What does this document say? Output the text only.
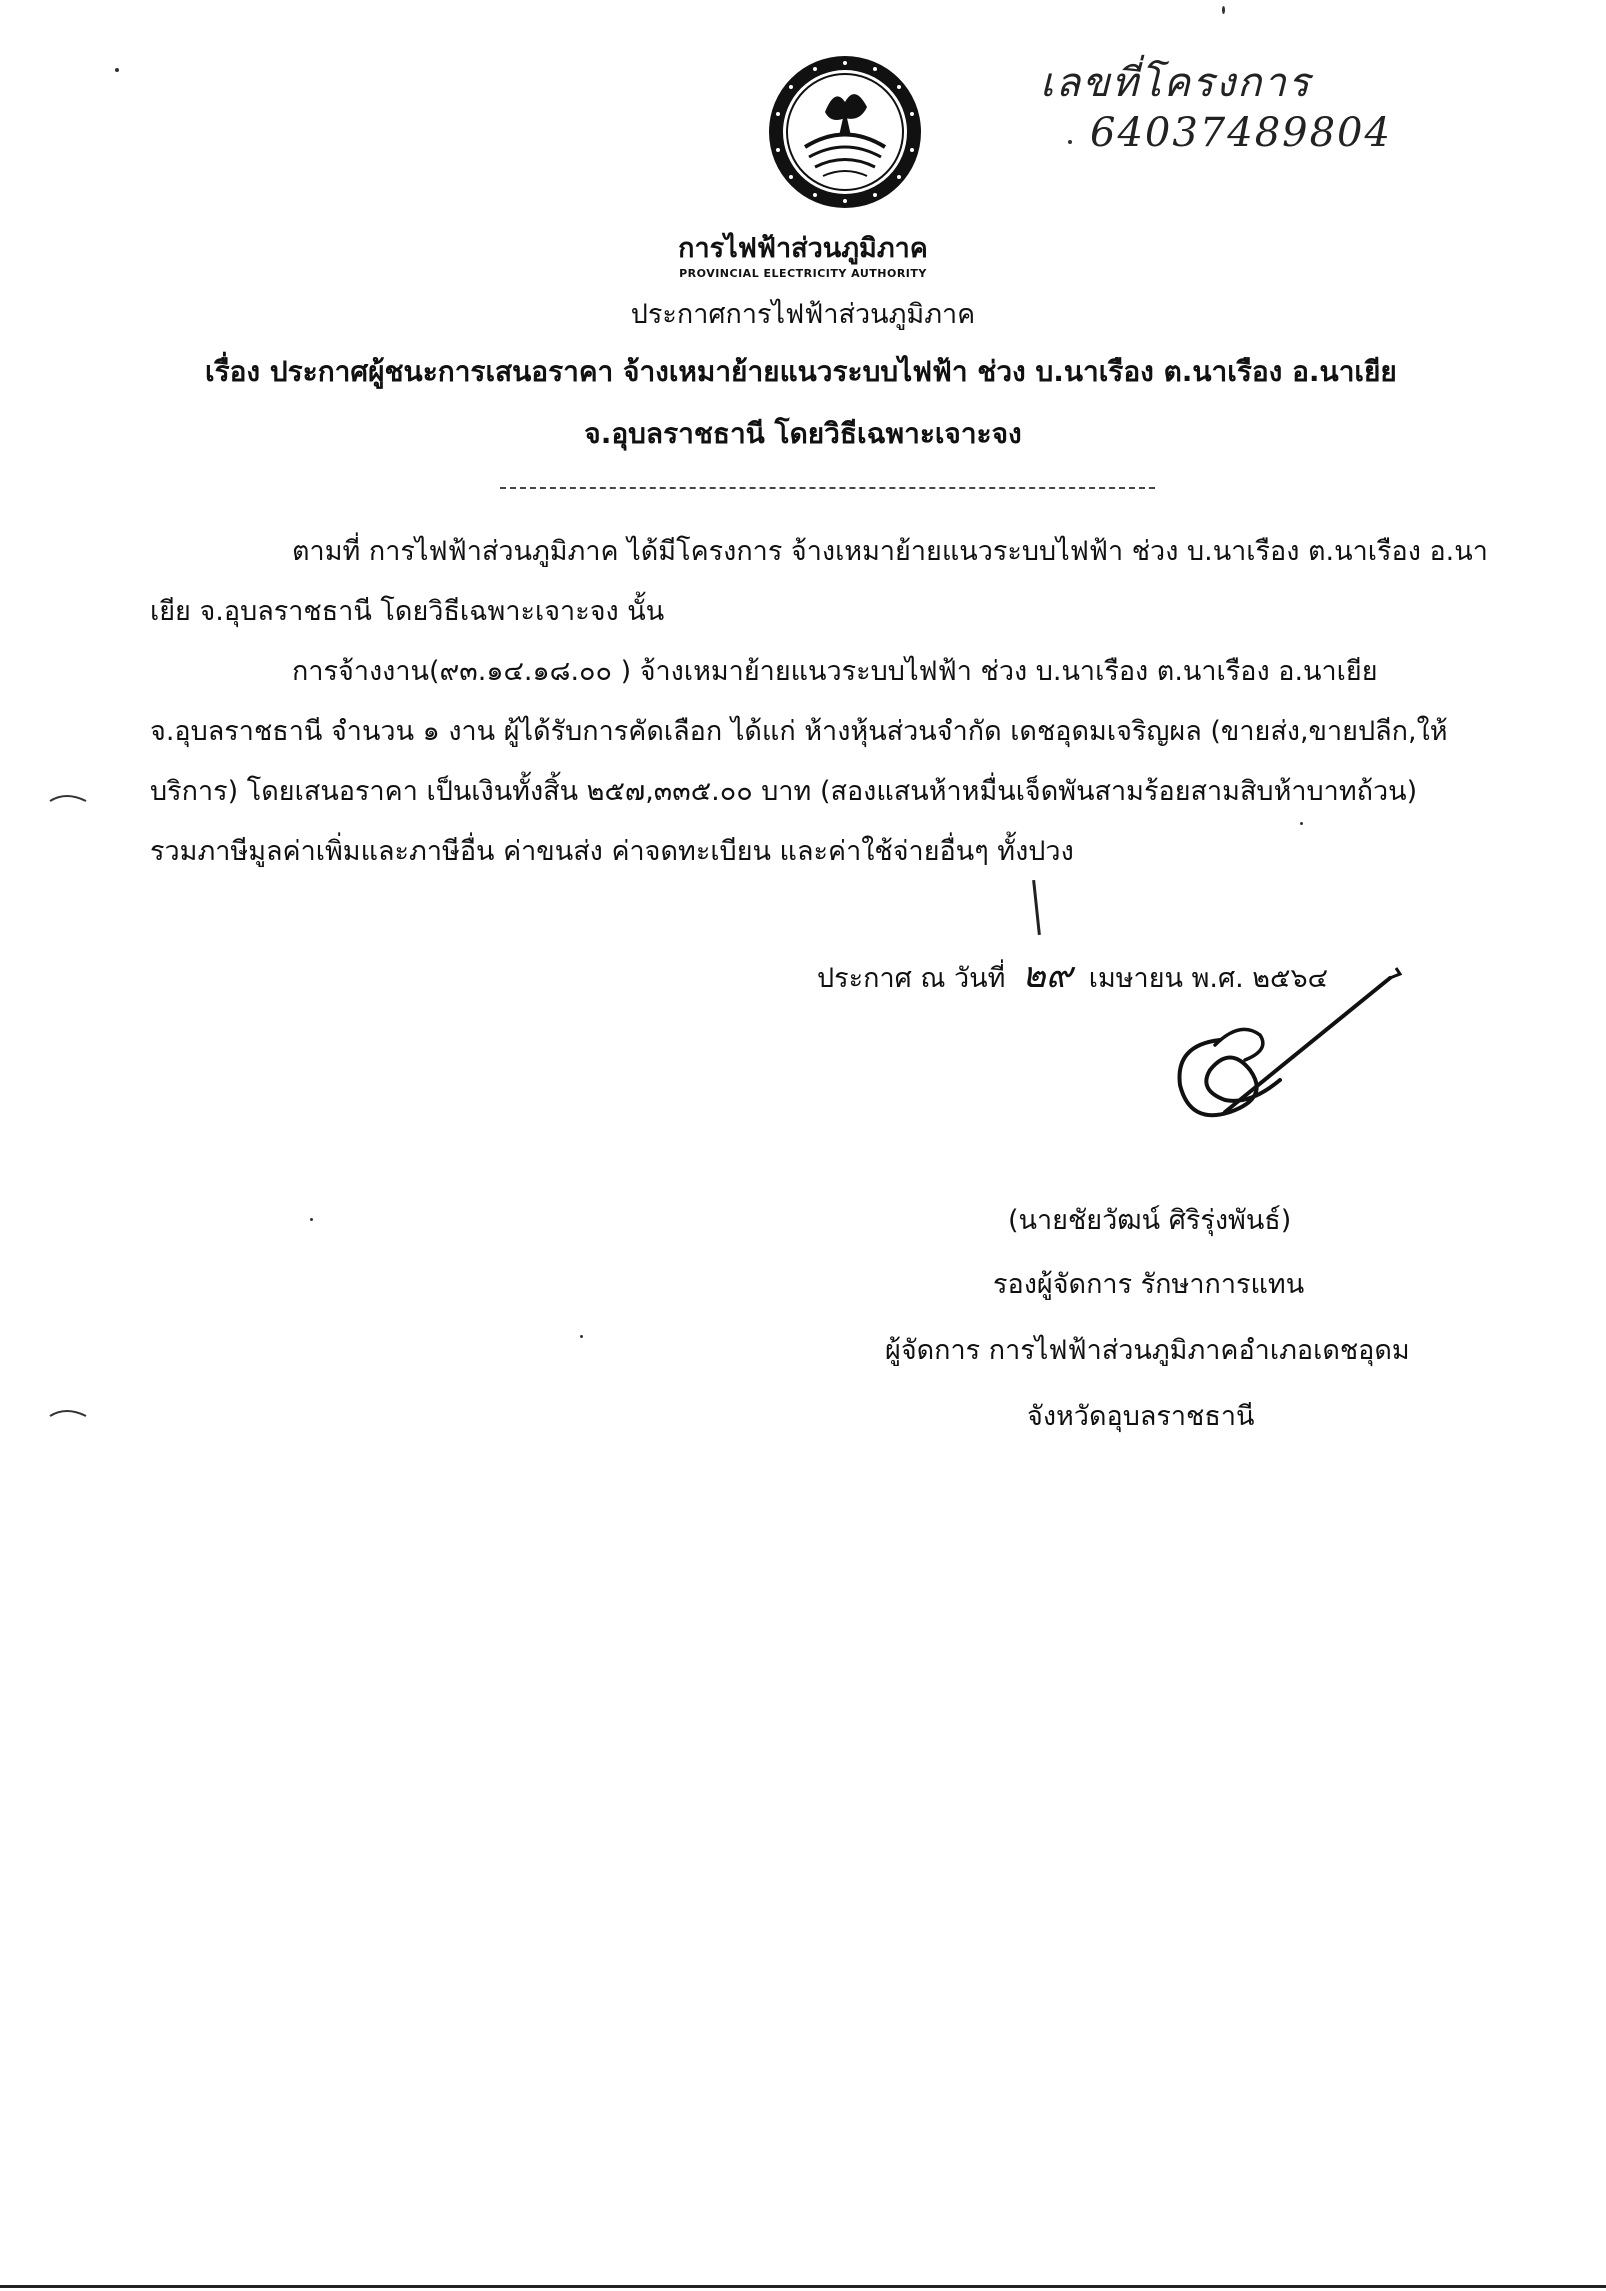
เลขที่โครงการ
64037489804
การไฟฟ้าส่วนภูมิภาค
PROVINCIAL ELECTRICITY AUTHORITY
ประกาศการไฟฟ้าส่วนภูมิภาค
เรื่อง ประกาศผู้ชนะการเสนอราคา จ้างเหมาย้ายแนวระบบไฟฟ้า ช่วง บ.นาเรือง ต.นาเรือง อ.นาเยีย
จ.อุบลราชธานี โดยวิธีเฉพาะเจาะจง
ตามที่ การไฟฟ้าส่วนภูมิภาค ได้มีโครงการ จ้างเหมาย้ายแนวระบบไฟฟ้า ช่วง บ.นาเรือง ต.นาเรือง อ.นา
เยีย จ.อุบลราชธานี โดยวิธีเฉพาะเจาะจง นั้น
การจ้างงาน(๙๓.๑๔.๑๘.๐๐ ) จ้างเหมาย้ายแนวระบบไฟฟ้า ช่วง บ.นาเรือง ต.นาเรือง อ.นาเยีย
จ.อุบลราชธานี จำนวน ๑ งาน ผู้ได้รับการคัดเลือก ได้แก่ ห้างหุ้นส่วนจำกัด เดชอุดมเจริญผล (ขายส่ง,ขายปลีก,ให้
บริการ) โดยเสนอราคา เป็นเงินทั้งสิ้น ๒๕๗,๓๓๕.๐๐ บาท (สองแสนห้าหมื่นเจ็ดพันสามร้อยสามสิบห้าบาทถ้วน)
รวมภาษีมูลค่าเพิ่มและภาษีอื่น ค่าขนส่ง ค่าจดทะเบียน และค่าใช้จ่ายอื่นๆ ทั้งปวง
ประกาศ ณ วันที่ ๒๙ เมษายน พ.ศ. ๒๕๖๔
(นายชัยวัฒน์ ศิริรุ่งพันธ์)
รองผู้จัดการ รักษาการแทน
ผู้จัดการ การไฟฟ้าส่วนภูมิภาคอำเภอเดชอุดม
จังหวัดอุบลราชธานี
